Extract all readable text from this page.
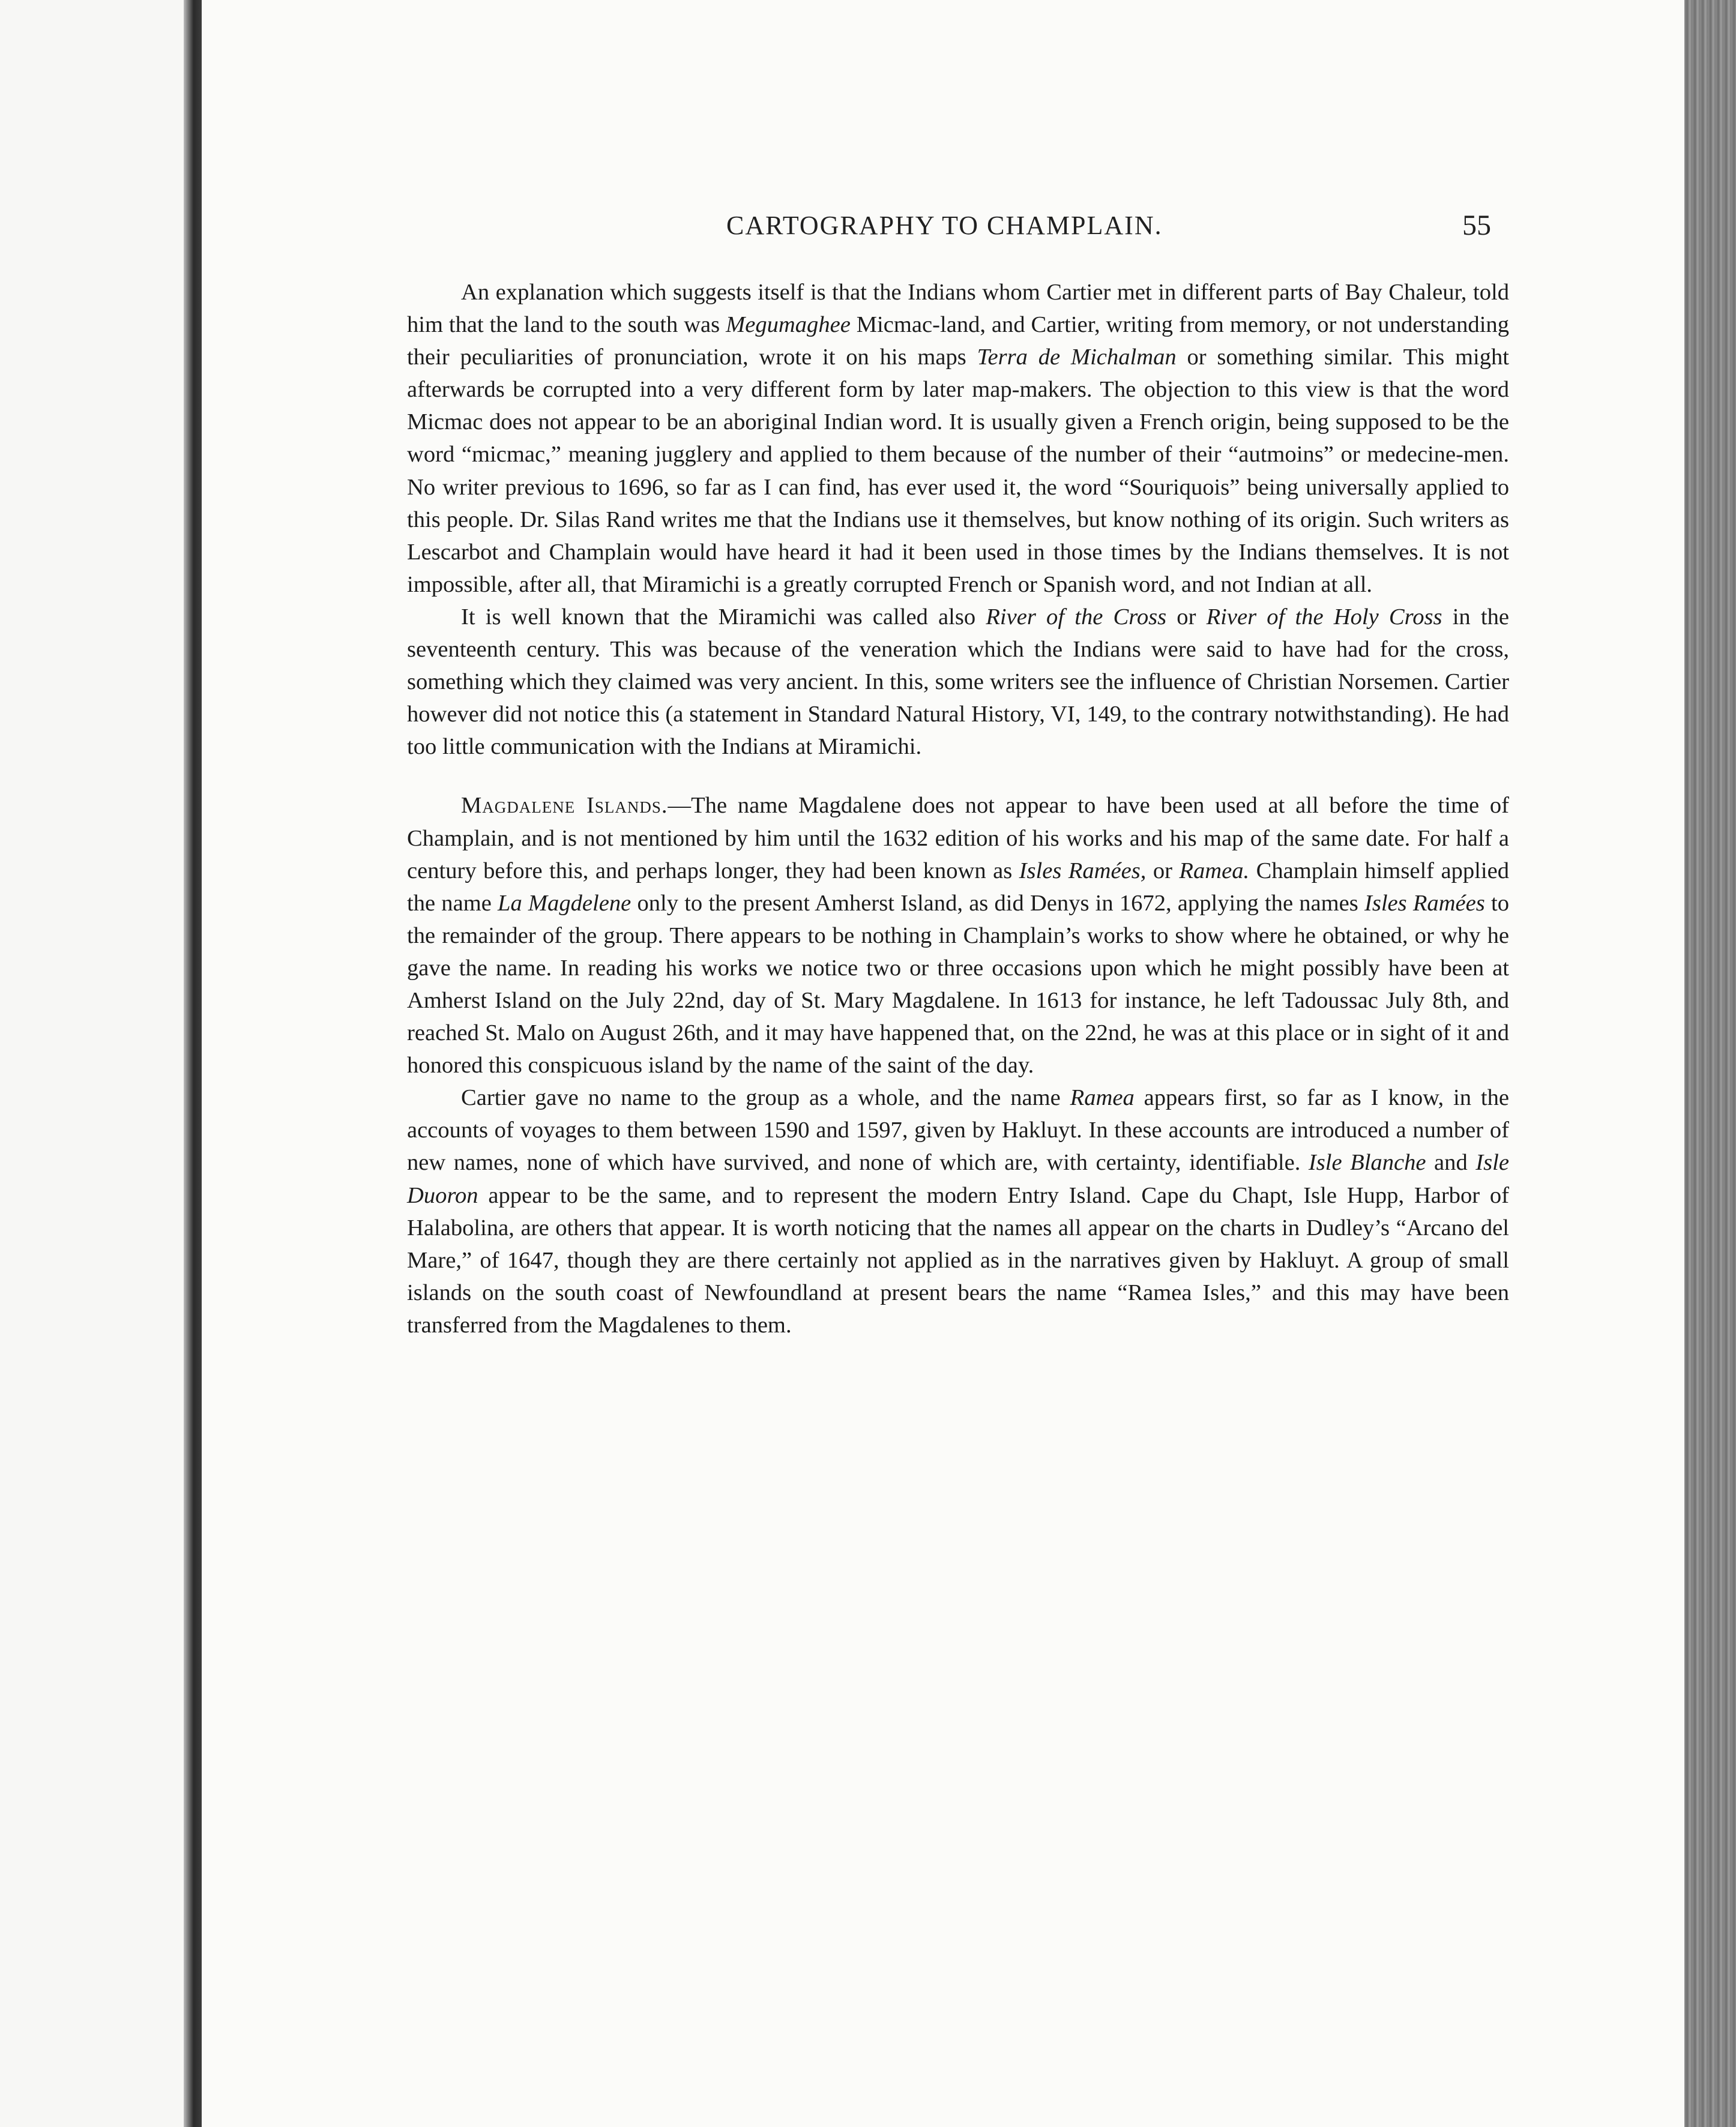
CARTOGRAPHY TO CHAMPLAIN.	55

An explanation which suggests itself is that the Indians whom Cartier met in different parts of Bay Chaleur, told him that the land to the south was Megumaghee Micmac-land, and Cartier, writing from memory, or not understanding their peculiarities of pronunciation, wrote it on his maps Terra de Michalman or something similar. This might afterwards be corrupted into a very different form by later map-makers. The objection to this view is that the word Micmac does not appear to be an aboriginal Indian word. It is usually given a French origin, being supposed to be the word “micmac,” meaning jugglery and applied to them because of the number of their “autmoins” or medecine-men. No writer previous to 1696, so far as I can find, has ever used it, the word “Souriquois” being universally applied to this people. Dr. Silas Rand writes me that the Indians use it themselves, but know nothing of its origin. Such writers as Lescarbot and Champlain would have heard it had it been used in those times by the Indians themselves. It is not impossible, after all, that Miramichi is a greatly corrupted French or Spanish word, and not Indian at all.

It is well known that the Miramichi was called also River of the Cross or River of the Holy Cross in the seventeenth century. This was because of the veneration which the Indians were said to have had for the cross, something which they claimed was very ancient. In this, some writers see the influence of Christian Norsemen. Cartier however did not notice this (a statement in Standard Natural History, VI, 149, to the contrary notwithstanding). He had too little communication with the Indians at Miramichi.

Magdalene Islands.—The name Magdalene does not appear to have been used at all before the time of Champlain, and is not mentioned by him until the 1632 edition of his works and his map of the same date. For half a century before this, and perhaps longer, they had been known as Isles Ramées, or Ramea. Champlain himself applied the name La Magdelene only to the present Amherst Island, as did Denys in 1672, applying the names Isles Ramées to the remainder of the group. There appears to be nothing in Champlain’s works to show where he obtained, or why he gave the name. In reading his works we notice two or three occasions upon which he might possibly have been at Amherst Island on the July 22nd, day of St. Mary Magdalene. In 1613 for instance, he left Tadoussac July 8th, and reached St. Malo on August 26th, and it may have happened that, on the 22nd, he was at this place or in sight of it and honored this conspicuous island by the name of the saint of the day.

Cartier gave no name to the group as a whole, and the name Ramea appears first, so far as I know, in the accounts of voyages to them between 1590 and 1597, given by Hakluyt. In these accounts are introduced a number of new names, none of which have survived, and none of which are, with certainty, identifiable. Isle Blanche and Isle Duoron appear to be the same, and to represent the modern Entry Island. Cape du Chapt, Isle Hupp, Harbor of Halabolina, are others that appear. It is worth noticing that the names all appear on the charts in Dudley’s “Arcano del Mare,” of 1647, though they are there certainly not applied as in the narratives given by Hakluyt. A group of small islands on the south coast of Newfoundland at present bears the name “Ramea Isles,” and this may have been transferred from the Magdalenes to them.
